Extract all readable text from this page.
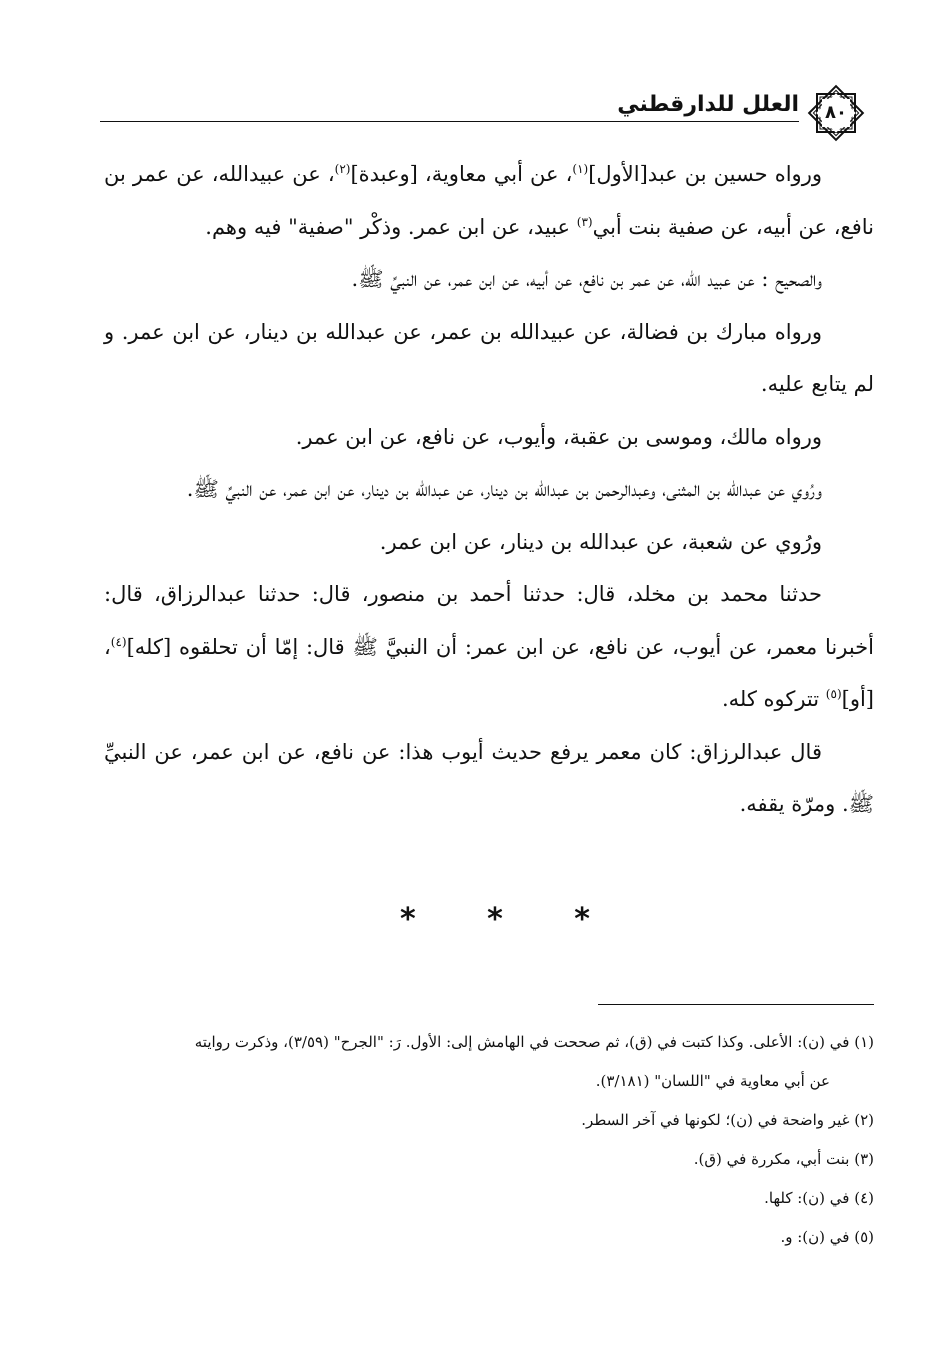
العلل للدارقطني	٨٠

ورواه حسين بن عبد[الأول]$^{(١)}$، عن أبي معاوية، [وعبدة]$^{(٢)}$، عن عبيدالله، عن عمر بن نافع، عن أبيه، عن صفية بنت أبي$^{(٣)}$ عبيد، عن ابن عمر. وذكْر "صفية" فيه وهم.

والصحيح : عن عبيد الله، عن عمر بن نافع، عن أبيه، عن ابن عمر، عن النبيِّ ﷺ.

ورواه مبارك بن فضالة، عن عبيدالله بن عمر، عن عبدالله بن دينار، عن ابن عمر. و لم يتابع عليه.

ورواه مالك، وموسى بن عقبة، وأيوب، عن نافع، عن ابن عمر.

ورُوي عن عبدالله بن المثنى، وعبدالرحمن بن عبدالله بن دينار، عن عبدالله بن دينار، عن ابن عمر، عن النبيِّ ﷺ.

ورُوي عن شعبة، عن عبدالله بن دينار، عن ابن عمر.

حدثنا محمد بن مخلد، قال: حدثنا أحمد بن منصور، قال: حدثنا عبدالرزاق، قال: أخبرنا معمر، عن أيوب، عن نافع، عن ابن عمر: أن النبيَّ ﷺ قال: إمّا أن تحلقوه [كله]$^{(٤)}$، [أو]$^{(٥)}$ تتركوه كله.

قال عبدالرزاق: كان معمر يرفع حديث أيوب هذا: عن نافع، عن ابن عمر، عن النبيِّ ﷺ. ومرّة يقفه.

* * *

(١) في (ن): الأعلى. وكذا كتبت في (ق)، ثم صححت في الهامش إلى: الأول. رَ: "الجرح" (٣/٥٩)، وذكرت روايته

عن أبي معاوية في "اللسان" (٣/١٨١).

(٢) غير واضحة في (ن)؛ لكونها في آخر السطر.

(٣) بنت أبي، مكررة في (ق).

(٤) في (ن): كلها.

(٥) في (ن): و.
